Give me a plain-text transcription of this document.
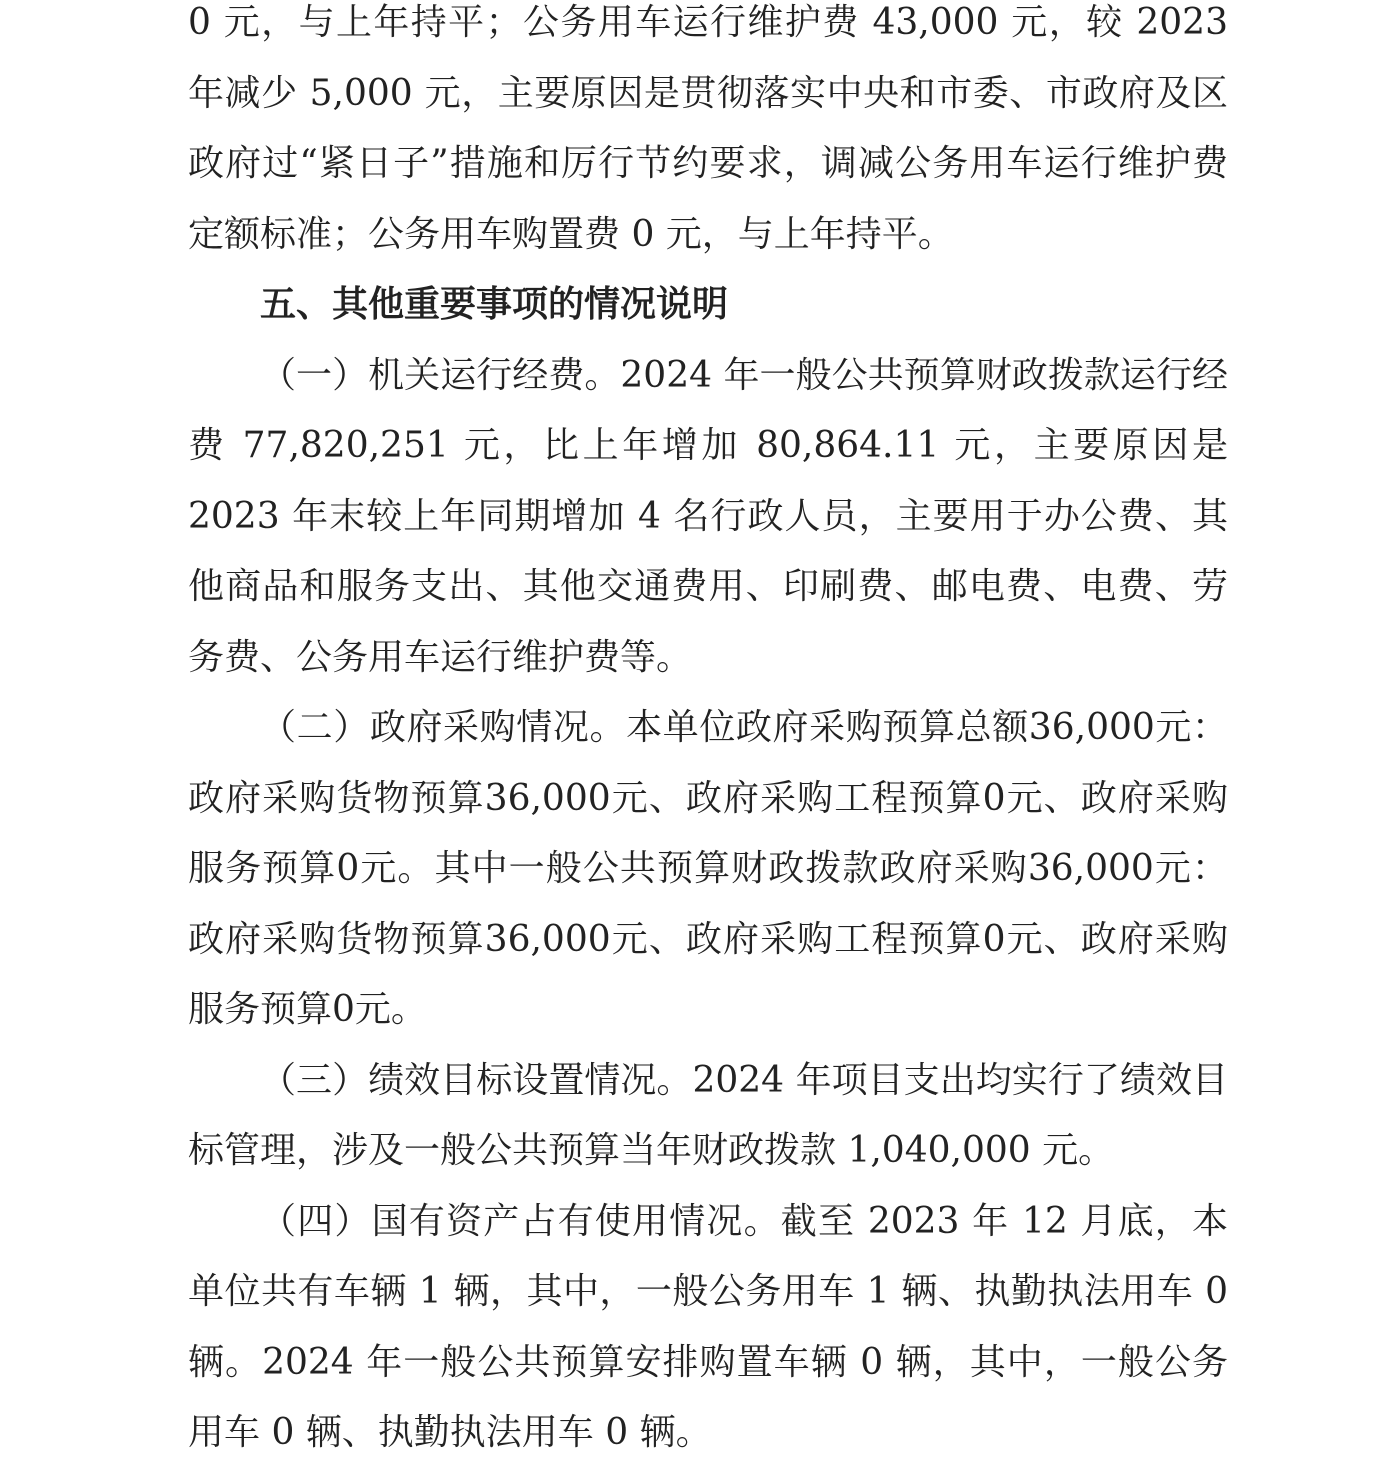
0 元，与上年持平；公务用车运行维护费 43,000 元，较 2023 年减少 5,000 元，主要原因是贯彻落实中央和市委、市政府及区政府过“紧日子”措施和厉行节约要求，调减公务用车运行维护费定额标准；公务用车购置费 0 元，与上年持平。

五、其他重要事项的情况说明

（一）机关运行经费。2024 年一般公共预算财政拨款运行经费 77,820,251 元，比上年增加 80,864.11 元，主要原因是 2023 年末较上年同期增加 4 名行政人员，主要用于办公费、其他商品和服务支出、其他交通费用、印刷费、邮电费、电费、劳务费、公务用车运行维护费等。

（二）政府采购情况。本单位政府采购预算总额36,000元：政府采购货物预算36,000元、政府采购工程预算0元、政府采购服务预算0元。其中一般公共预算财政拨款政府采购36,000元：政府采购货物预算36,000元、政府采购工程预算0元、政府采购服务预算0元。

（三）绩效目标设置情况。2024 年项目支出均实行了绩效目标管理，涉及一般公共预算当年财政拨款 1,040,000 元。

（四）国有资产占有使用情况。截至 2023 年 12 月底，本单位共有车辆 1 辆，其中，一般公务用车 1 辆、执勤执法用车 0 辆。2024 年一般公共预算安排购置车辆 0 辆，其中，一般公务用车 0 辆、执勤执法用车 0 辆。
